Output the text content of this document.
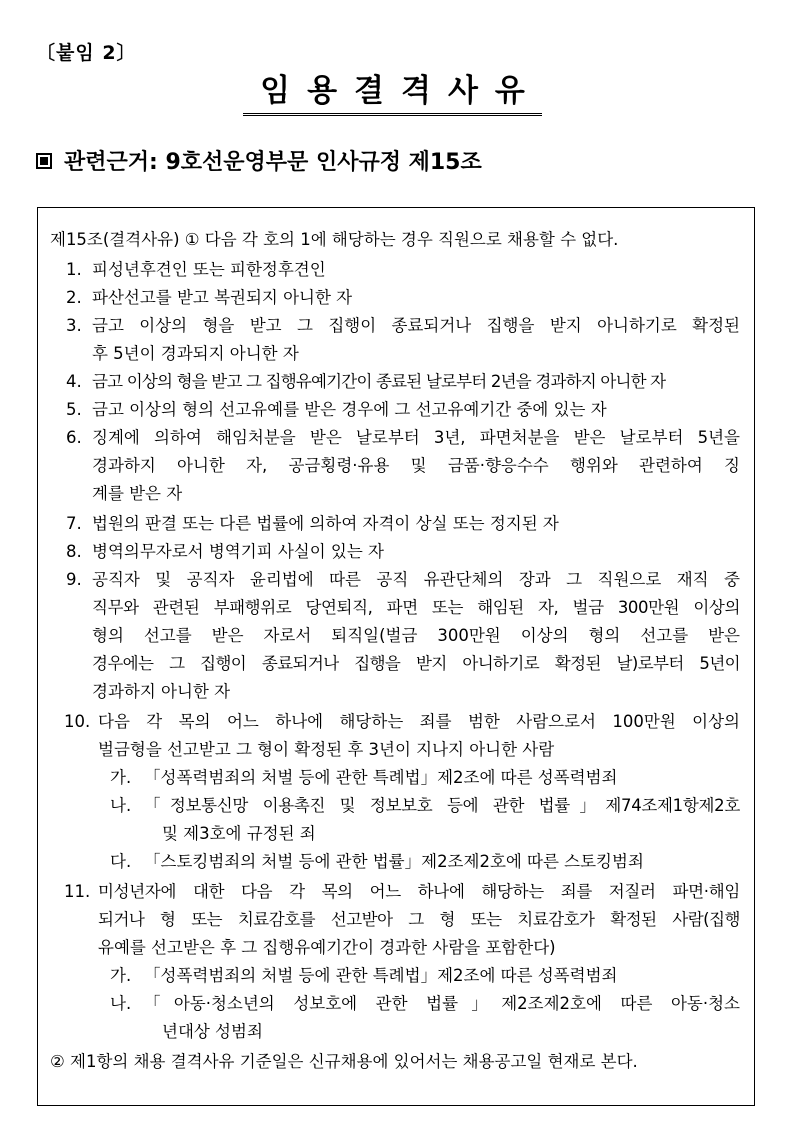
〔붙임 2〕
임용결격사유
관련근거: 9호선운영부문 인사규정 제15조
제15조(결격사유) ① 다음 각 호의 1에 해당하는 경우 직원으로 채용할 수 없다.
1. 피성년후견인 또는 피한정후견인
2. 파산선고를 받고 복권되지 아니한 자
3. 금고 이상의 형을 받고 그 집행이 종료되거나 집행을 받지 아니하기로 확정된
후 5년이 경과되지 아니한 자
4. 금고 이상의 형을 받고 그 집행유예기간이 종료된 날로부터 2년을 경과하지 아니한 자
5. 금고 이상의 형의 선고유예를 받은 경우에 그 선고유예기간 중에 있는 자
6. 징계에 의하여 해임처분을 받은 날로부터 3년, 파면처분을 받은 날로부터 5년을
경과하지 아니한 자, 공금횡령·유용 및 금품·향응수수 행위와 관련하여 징
계를 받은 자
7. 법원의 판결 또는 다른 법률에 의하여 자격이 상실 또는 정지된 자
8. 병역의무자로서 병역기피 사실이 있는 자
9. 공직자 및 공직자 윤리법에 따른 공직 유관단체의 장과 그 직원으로 재직 중
직무와 관련된 부패행위로 당연퇴직, 파면 또는 해임된 자, 벌금 300만원 이상의
형의 선고를 받은 자로서 퇴직일(벌금 300만원 이상의 형의 선고를 받은
경우에는 그 집행이 종료되거나 집행을 받지 아니하기로 확정된 날)로부터 5년이
경과하지 아니한 자
10. 다음 각 목의 어느 하나에 해당하는 죄를 범한 사람으로서 100만원 이상의
벌금형을 선고받고 그 형이 확정된 후 3년이 지나지 아니한 사람
가. 「성폭력범죄의 처벌 등에 관한 특례법」제2조에 따른 성폭력범죄
나. 「정보통신망 이용촉진 및 정보보호 등에 관한 법률」제74조제1항제2호
및 제3호에 규정된 죄
다. 「스토킹범죄의 처벌 등에 관한 법률」제2조제2호에 따른 스토킹범죄
11. 미성년자에 대한 다음 각 목의 어느 하나에 해당하는 죄를 저질러 파면·해임
되거나 형 또는 치료감호를 선고받아 그 형 또는 치료감호가 확정된 사람(집행
유예를 선고받은 후 그 집행유예기간이 경과한 사람을 포함한다)
가. 「성폭력범죄의 처벌 등에 관한 특례법」제2조에 따른 성폭력범죄
나. 「아동·청소년의 성보호에 관한 법률」제2조제2호에 따른 아동·청소
년대상 성범죄
② 제1항의 채용 결격사유 기준일은 신규채용에 있어서는 채용공고일 현재로 본다.
